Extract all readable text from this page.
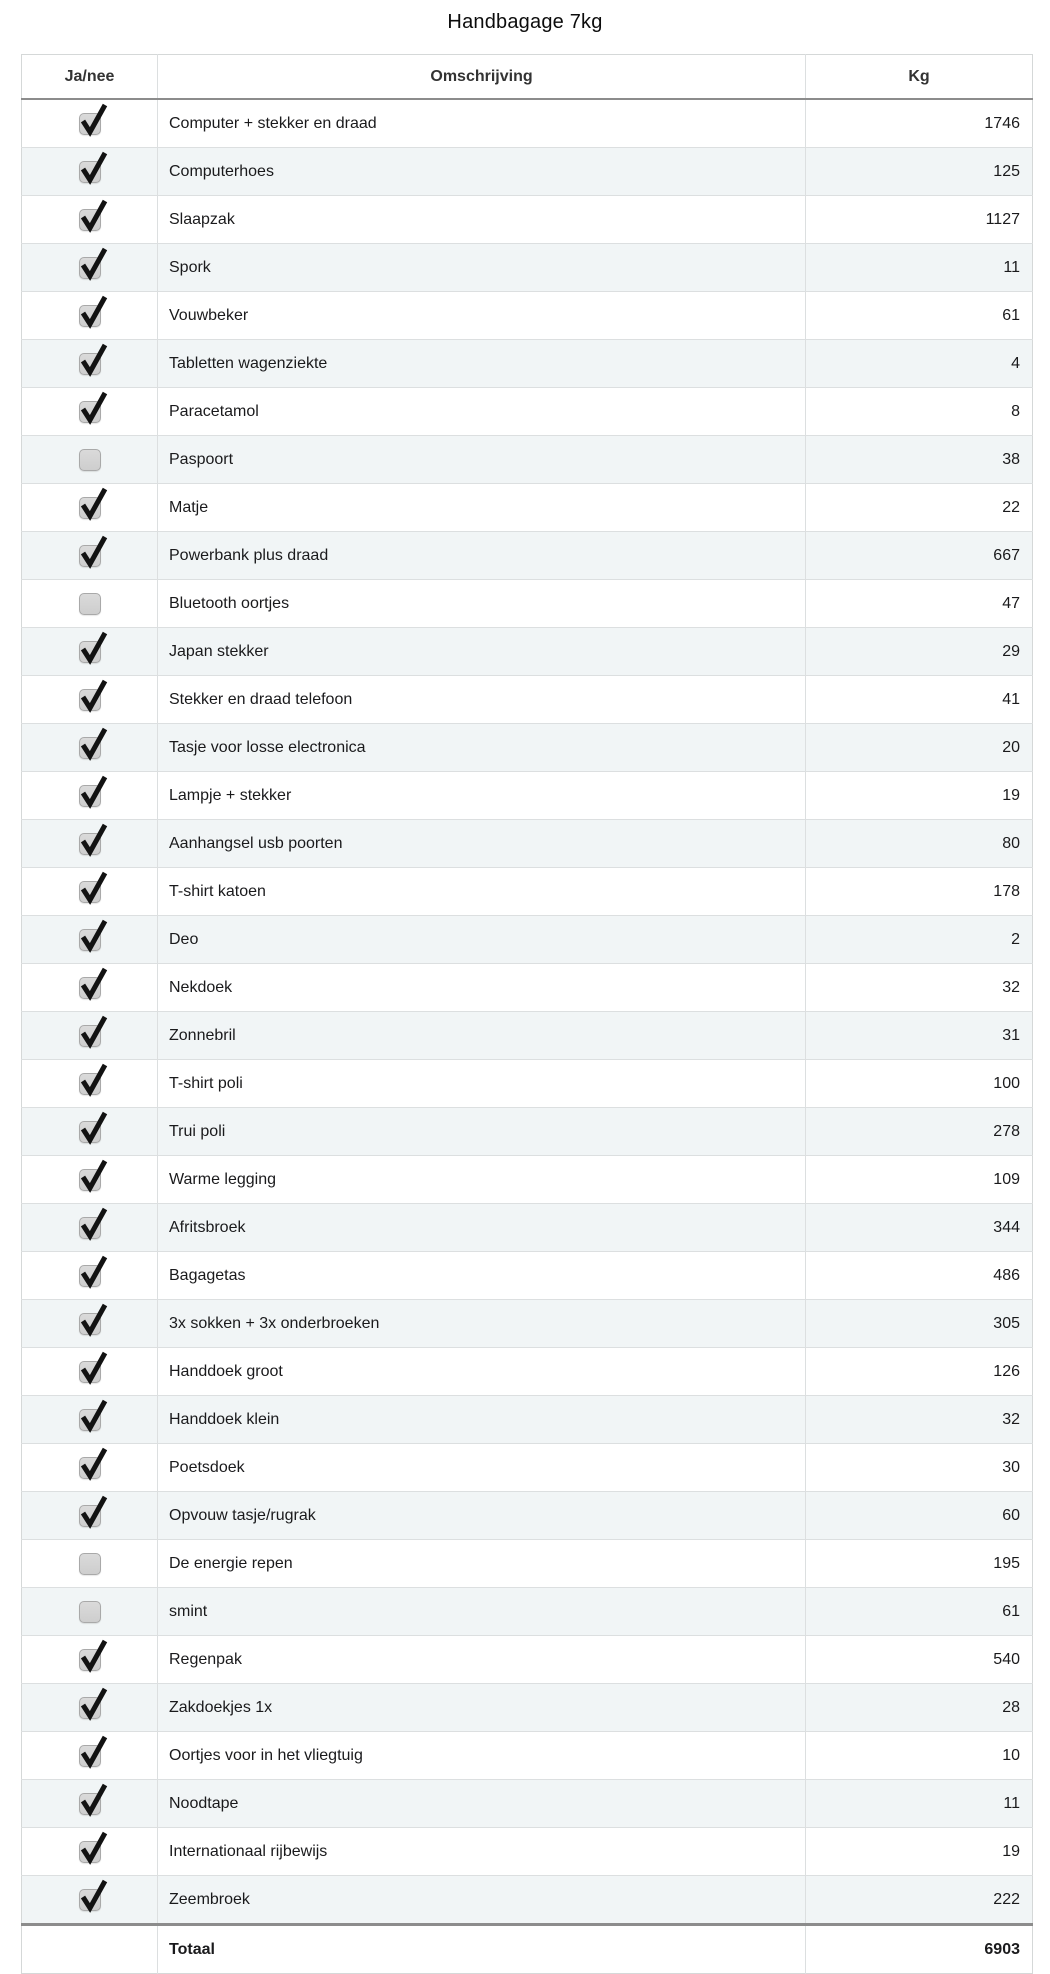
Handbagage 7kg
Ja/nee	Omschrijving	Kg

	Computer + stekker en draad	1746

	Computerhoes	125

	Slaapzak	1127

	Spork	11

	Vouwbeker	61

	Tabletten wagenziekte	4

	Paracetamol	8
	Paspoort	38

	Matje	22

	Powerbank plus draad	667
	Bluetooth oortjes	47

	Japan stekker	29

	Stekker en draad telefoon	41

	Tasje voor losse electronica	20

	Lampje + stekker	19

	Aanhangsel usb poorten	80

	T-shirt katoen	178

	Deo	2

	Nekdoek	32

	Zonnebril	31

	T-shirt poli	100

	Trui poli	278

	Warme legging	109

	Afritsbroek	344

	Bagagetas	486

	3x sokken + 3x onderbroeken	305

	Handdoek groot	126

	Handdoek klein	32

	Poetsdoek	30

	Opvouw tasje/rugrak	60
	De energie repen	195
	smint	61

	Regenpak	540

	Zakdoekjes 1x	28

	Oortjes voor in het vliegtuig	10

	Noodtape	11

	Internationaal rijbewijs	19

	Zeembroek	222
	Totaal	6903
